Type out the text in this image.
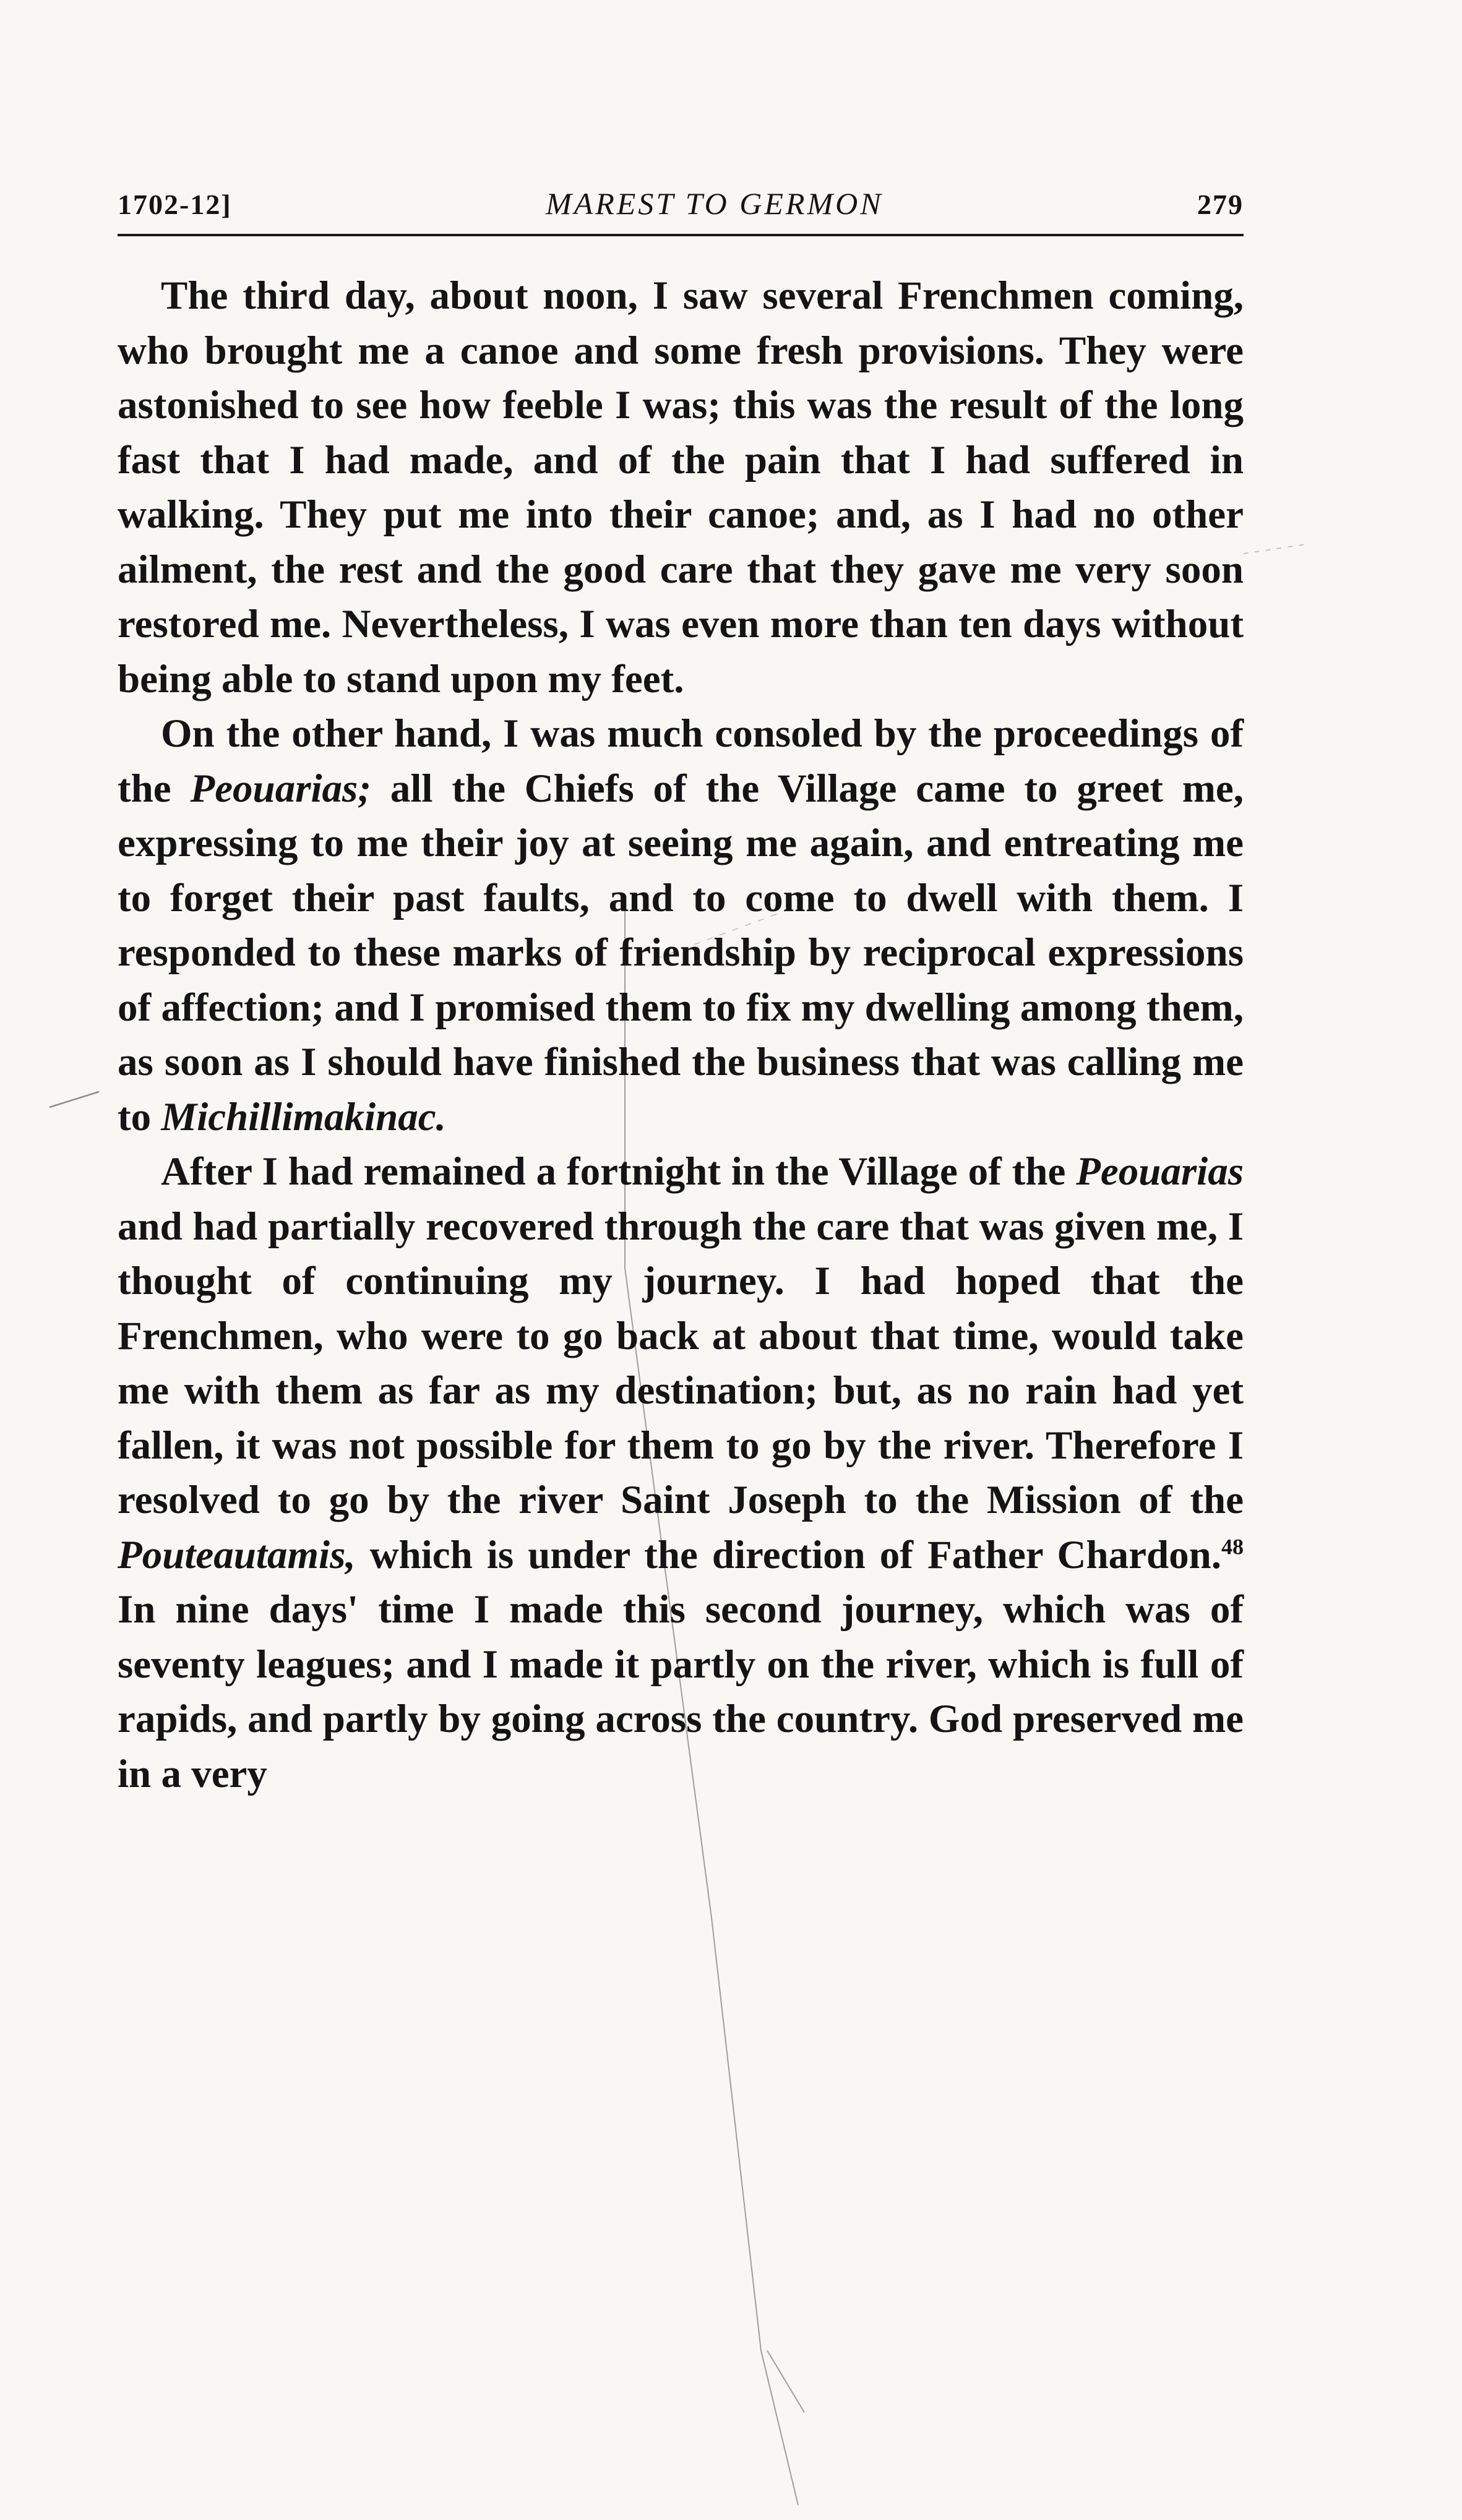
1702-12]	MAREST TO GERMON	279

The third day, about noon, I saw several Frenchmen coming, who brought me a canoe and some fresh provisions. They were astonished to see how feeble I was; this was the result of the long fast that I had made, and of the pain that I had suffered in walking. They put me into their canoe; and, as I had no other ailment, the rest and the good care that they gave me very soon restored me. Nevertheless, I was even more than ten days without being able to stand upon my feet.

On the other hand, I was much consoled by the proceedings of the Peouarias; all the Chiefs of the Village came to greet me, expressing to me their joy at seeing me again, and entreating me to forget their past faults, and to come to dwell with them. I responded to these marks of friendship by reciprocal expressions of affection; and I promised them to fix my dwelling among them, as soon as I should have finished the business that was calling me to Michillimakinac.

After I had remained a fortnight in the Village of the Peouarias and had partially recovered through the care that was given me, I thought of continuing my journey. I had hoped that the Frenchmen, who were to go back at about that time, would take me with them as far as my destination; but, as no rain had yet fallen, it was not possible for them to go by the river. Therefore I resolved to go by the river Saint Joseph to the Mission of the Pouteautamis, which is under the direction of Father Chardon.$^{48}$ In nine days' time I made this second journey, which was of seventy leagues; and I made it partly on the river, which is full of rapids, and partly by going across the country. God preserved me in a very
